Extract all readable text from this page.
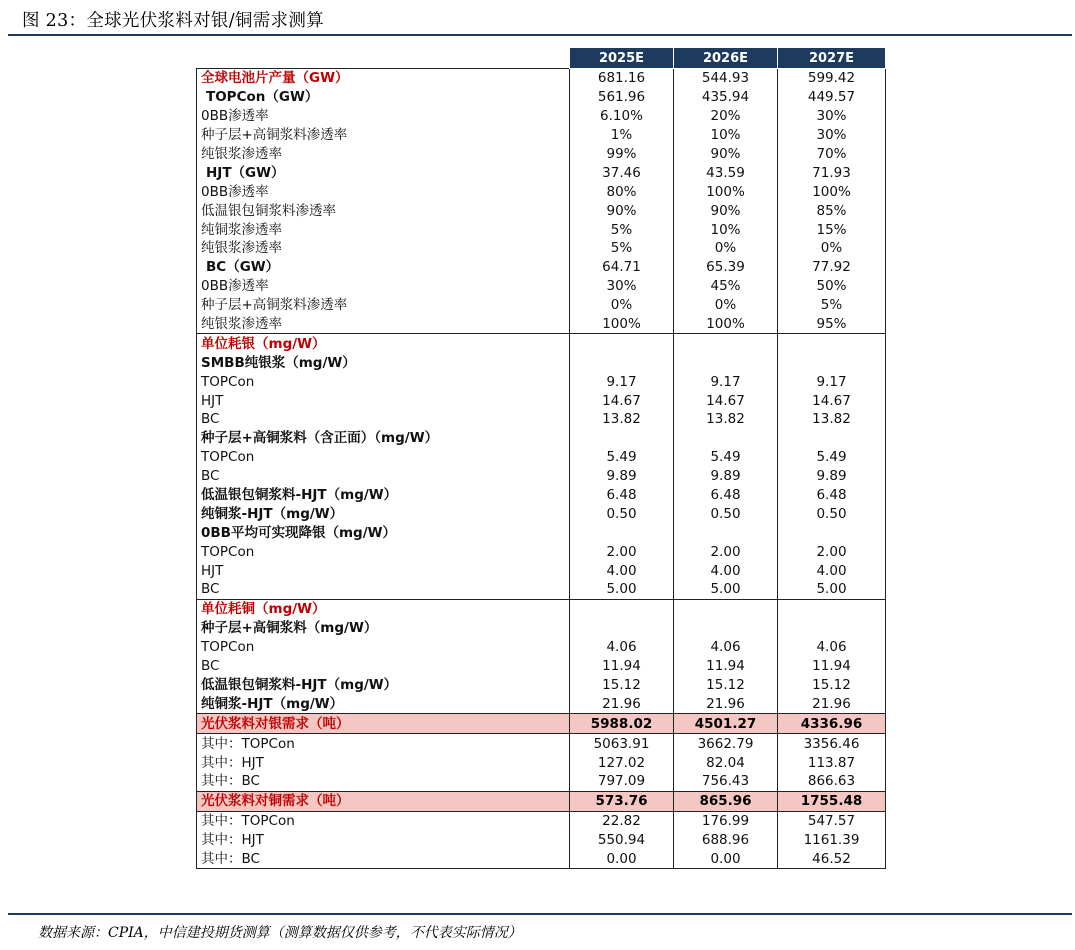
图 23：全球光伏浆料对银/铜需求测算
	2025E	2026E	2027E
全球电池片产量（GW）	681.16	544.93	599.42
TOPCon（GW）	561.96	435.94	449.57
0BB渗透率	6.10%	20%	30%
种子层+高铜浆料渗透率	1%	10%	30%
纯银浆渗透率	99%	90%	70%
HJT（GW）	37.46	43.59	71.93
0BB渗透率	80%	100%	100%
低温银包铜浆料渗透率	90%	90%	85%
纯铜浆渗透率	5%	10%	15%
纯银浆渗透率	5%	0%	0%
BC（GW）	64.71	65.39	77.92
0BB渗透率	30%	45%	50%
种子层+高铜浆料渗透率	0%	0%	5%
纯银浆渗透率	100%	100%	95%
单位耗银（mg/W）			
SMBB纯银浆（mg/W）			
TOPCon	9.17	9.17	9.17
HJT	14.67	14.67	14.67
BC	13.82	13.82	13.82
种子层+高铜浆料（含正面）（mg/W）			
TOPCon	5.49	5.49	5.49
BC	9.89	9.89	9.89
低温银包铜浆料-HJT（mg/W）	6.48	6.48	6.48
纯铜浆-HJT（mg/W）	0.50	0.50	0.50
0BB平均可实现降银（mg/W）			
TOPCon	2.00	2.00	2.00
HJT	4.00	4.00	4.00
BC	5.00	5.00	5.00
单位耗铜（mg/W）			
种子层+高铜浆料（mg/W）			
TOPCon	4.06	4.06	4.06
BC	11.94	11.94	11.94
低温银包铜浆料-HJT（mg/W）	15.12	15.12	15.12
纯铜浆-HJT（mg/W）	21.96	21.96	21.96
光伏浆料对银需求（吨）	5988.02	4501.27	4336.96
其中：TOPCon	5063.91	3662.79	3356.46
其中：HJT	127.02	82.04	113.87
其中：BC	797.09	756.43	866.63
光伏浆料对铜需求（吨）	573.76	865.96	1755.48
其中：TOPCon	22.82	176.99	547.57
其中：HJT	550.94	688.96	1161.39
其中：BC	0.00	0.00	46.52
数据来源：CPIA，中信建投期货测算（测算数据仅供参考，不代表实际情况）
